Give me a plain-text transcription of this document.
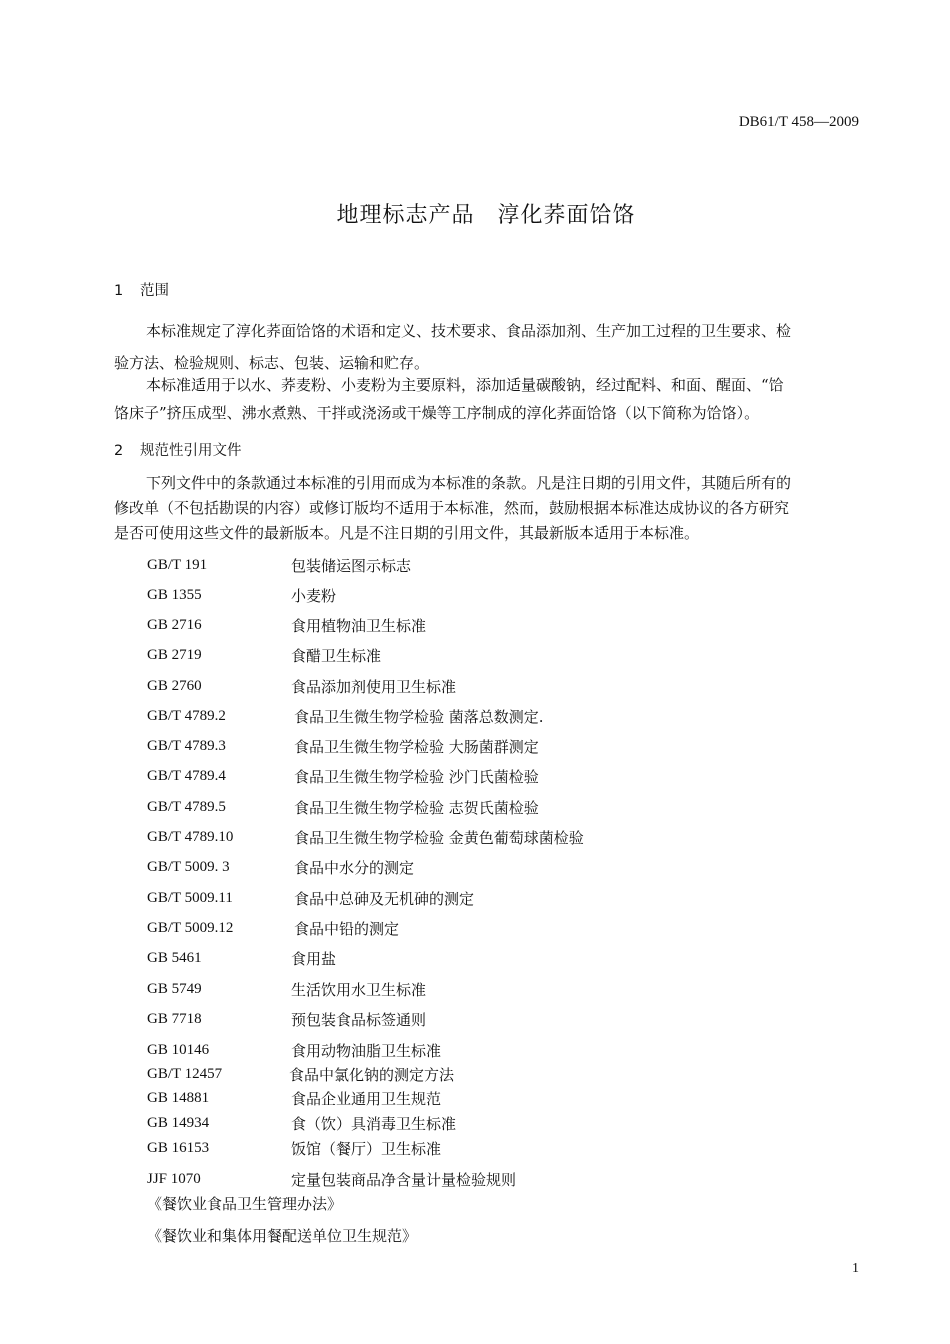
DB61/T 458—2009
地理标志产品　淳化荞面饸饹
1 范围
本标准规定了淳化荞面饸饹的术语和定义、技术要求、食品添加剂、生产加工过程的卫生要求、检
验方法、检验规则、标志、包装、运输和贮存。
本标准适用于以水、荞麦粉、小麦粉为主要原料，添加适量碳酸钠，经过配料、和面、醒面、“饸
饹床子”挤压成型、沸水煮熟、干拌或浇汤或干燥等工序制成的淳化荞面饸饹（以下简称为饸饹）。
2 规范性引用文件
下列文件中的条款通过本标准的引用而成为本标准的条款。凡是注日期的引用文件，其随后所有的
修改单（不包括勘误的内容）或修订版均不适用于本标准，然而，鼓励根据本标准达成协议的各方研究
是否可使用这些文件的最新版本。凡是不注日期的引用文件，其最新版本适用于本标准。
GB/T 191	包装储运图示标志
GB 1355	小麦粉
GB 2716	食用植物油卫生标准
GB 2719	食醋卫生标准
GB 2760	食品添加剂使用卫生标准
GB/T 4789.2	食品卫生微生物学检验 菌落总数测定.
GB/T 4789.3	食品卫生微生物学检验 大肠菌群测定
GB/T 4789.4	食品卫生微生物学检验 沙门氏菌检验
GB/T 4789.5	食品卫生微生物学检验 志贺氏菌检验
GB/T 4789.10	食品卫生微生物学检验 金黄色葡萄球菌检验
GB/T 5009. 3	食品中水分的测定
GB/T 5009.11	食品中总砷及无机砷的测定
GB/T 5009.12	食品中铅的测定
GB 5461	食用盐
GB 5749	生活饮用水卫生标准
GB 7718	预包装食品标签通则
GB 10146	食用动物油脂卫生标准
GB/T 12457	食品中氯化钠的测定方法
GB 14881	食品企业通用卫生规范
GB 14934	食（饮）具消毒卫生标准
GB 16153	饭馆（餐厅）卫生标准
JJF 1070	定量包装商品净含量计量检验规则
《餐饮业食品卫生管理办法》
《餐饮业和集体用餐配送单位卫生规范》
1
